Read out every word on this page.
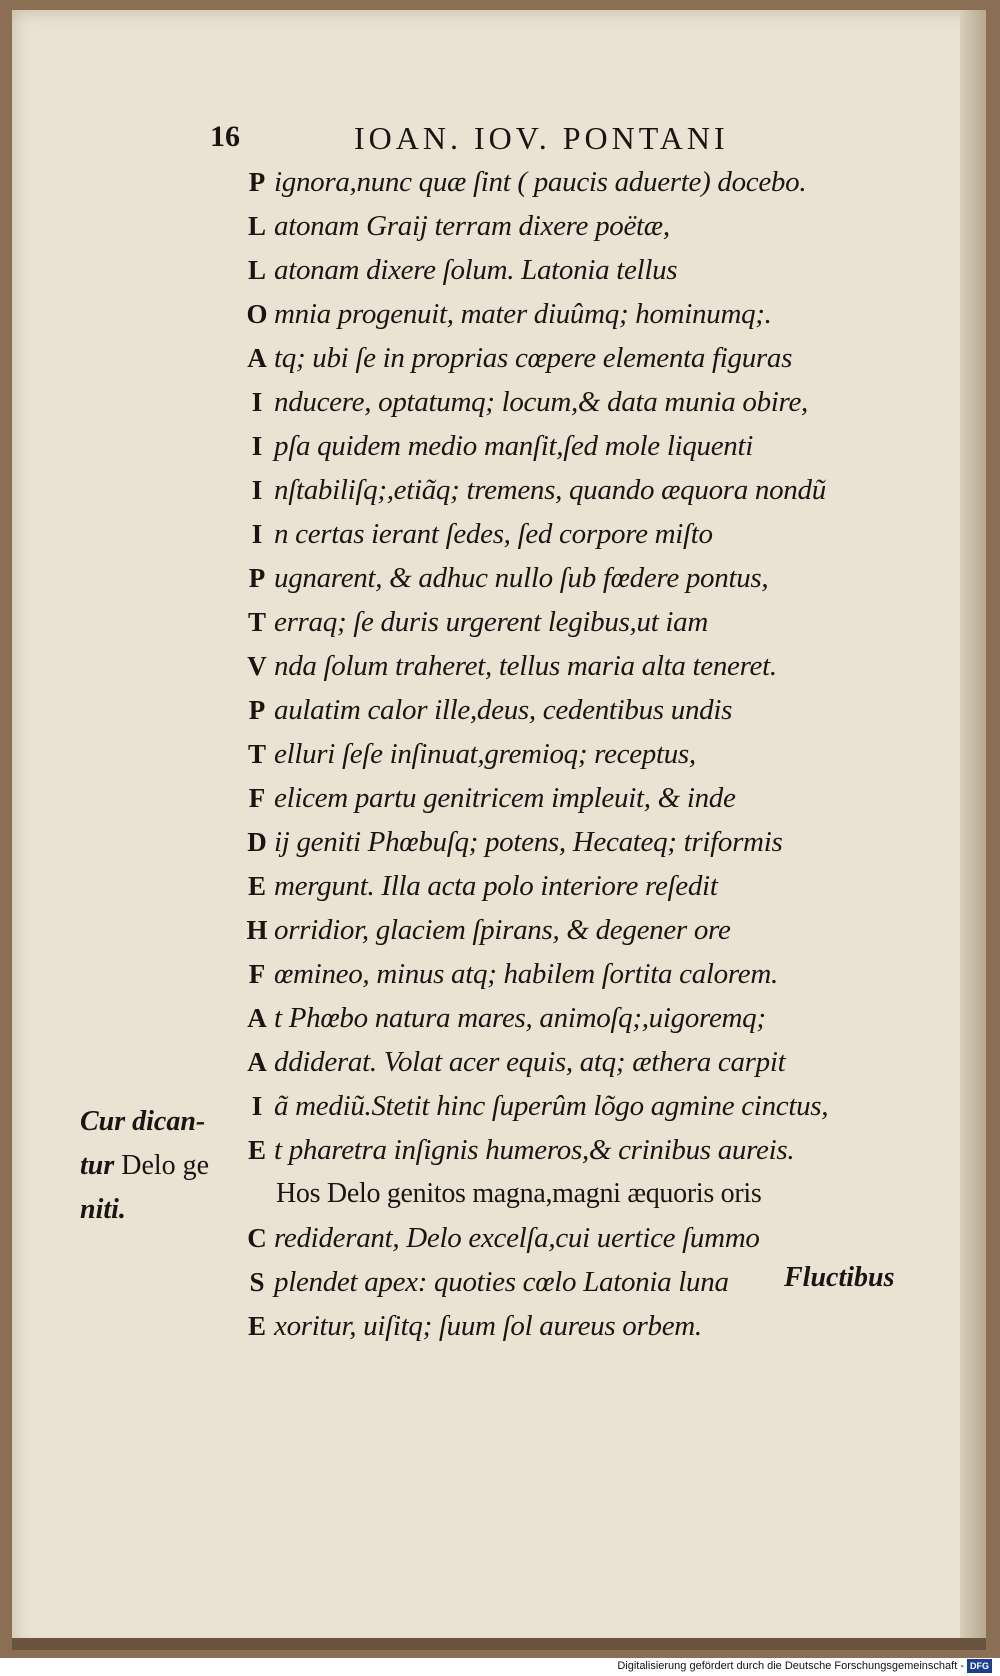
16	IOAN. IOV. PONTANI
P ignora,nunc quæ ſint ( paucis aduerte) docebo.
L atonam Graij terram dixere poëtæ,
L atonam dixere ſolum. Latonia tellus
O mnia progenuit, mater diuûmq; hominumq;.
A tq; ubi ſe in proprias cœpere elementa figuras
I nducere, optatumq; locum,& data munia obire,
I pſa quidem medio manſit,ſed mole liquenti
I nſtabiliſq;,etiãq; tremens, quando æquora nondũ
I n certas ierant ſedes, ſed corpore miſto
P ugnarent, & adhuc nullo ſub fœdere pontus,
T erraq; ſe duris urgerent legibus,ut iam
V nda ſolum traheret, tellus maria alta teneret.
P aulatim calor ille,deus, cedentibus undis
T elluri ſeſe inſinuat,gremioq; receptus,
F elicem partu genitricem impleuit, & inde
D ij geniti Phœbuſq; potens, Hecateq; triformis
E mergunt. Illa acta polo interiore reſedit
H orridior, glaciem ſpirans, & degener ore
F œmineo, minus atq; habilem ſortita calorem.
A t Phœbo natura mares, animoſq;,uigoremq;
A ddiderat. Volat acer equis, atq; æthera carpit
I ã mediũ.Stetit hinc ſuperûm lõgo agmine cinctus,
E t pharetra inſignis humeros,& crinibus aureis.
Hos Delo genitos magna,magni æquoris oris
C rediderant, Delo excelſa,cui uertice ſummo
S plendet apex: quoties cœlo Latonia luna
E xoritur, uiſitq; ſuum ſol aureus orbem.
Cur dican-
tur Delo ge
niti.
Fluctibus
Digitalisierung gefördert durch die Deutsche Forschungsgemeinschaft - DFG
